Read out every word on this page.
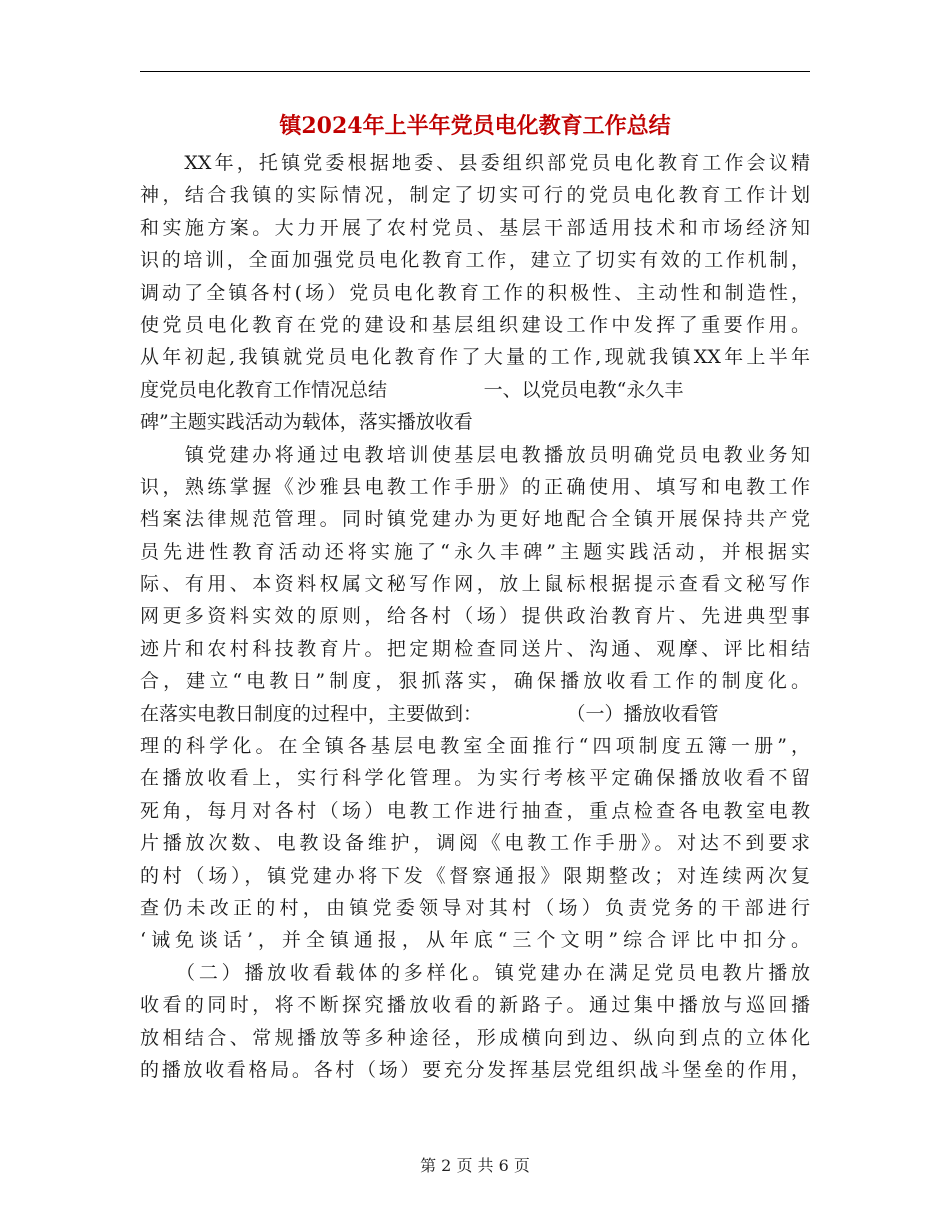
镇2024年上半年党员电化教育工作总结
　　XX年，托镇党委根据地委、县委组织部党员电化教育工作会议精
神，结合我镇的实际情况，制定了切实可行的党员电化教育工作计划
和实施方案。大力开展了农村党员、基层干部适用技术和市场经济知
识的培训，全面加强党员电化教育工作，建立了切实有效的工作机制，
调动了全镇各村(场）党员电化教育工作的积极性、主动性和制造性，
使党员电化教育在党的建设和基层组织建设工作中发挥了重要作用。
从年初起,我镇就党员电化教育作了大量的工作,现就我镇XX年上半年
度党员电化教育工作情况总结                一、以党员电教“永久丰
碑”主题实践活动为载体，落实播放收看
　　镇党建办将通过电教培训使基层电教播放员明确党员电教业务知
识，熟练掌握《沙雅县电教工作手册》的正确使用、填写和电教工作
档案法律规范管理。同时镇党建办为更好地配合全镇开展保持共产党
员先进性教育活动还将实施了“永久丰碑”主题实践活动，并根据实
际、有用、本资料权属文秘写作网，放上鼠标根据提示查看文秘写作
网更多资料实效的原则，给各村（场）提供政治教育片、先进典型事
迹片和农村科技教育片。把定期检查同送片、沟通、观摩、评比相结
合，建立“电教日”制度，狠抓落实，确保播放收看工作的制度化。
在落实电教日制度的过程中，主要做到：              （一）播放收看管
理的科学化。在全镇各基层电教室全面推行“四项制度五簿一册”，
在播放收看上，实行科学化管理。为实行考核平定确保播放收看不留
死角，每月对各村（场）电教工作进行抽查，重点检查各电教室电教
片播放次数、电教设备维护，调阅《电教工作手册》。对达不到要求
的村（场），镇党建办将下发《督察通报》限期整改；对连续两次复
查仍未改正的村，由镇党委领导对其村（场）负责党务的干部进行
‘诫免谈话’，并全镇通报，从年底“三个文明”综合评比中扣分。
　　（二）播放收看载体的多样化。镇党建办在满足党员电教片播放
收看的同时，将不断探究播放收看的新路子。通过集中播放与巡回播
放相结合、常规播放等多种途径，形成横向到边、纵向到点的立体化
的播放收看格局。各村（场）要充分发挥基层党组织战斗堡垒的作用，
第 2 页 共 6 页
